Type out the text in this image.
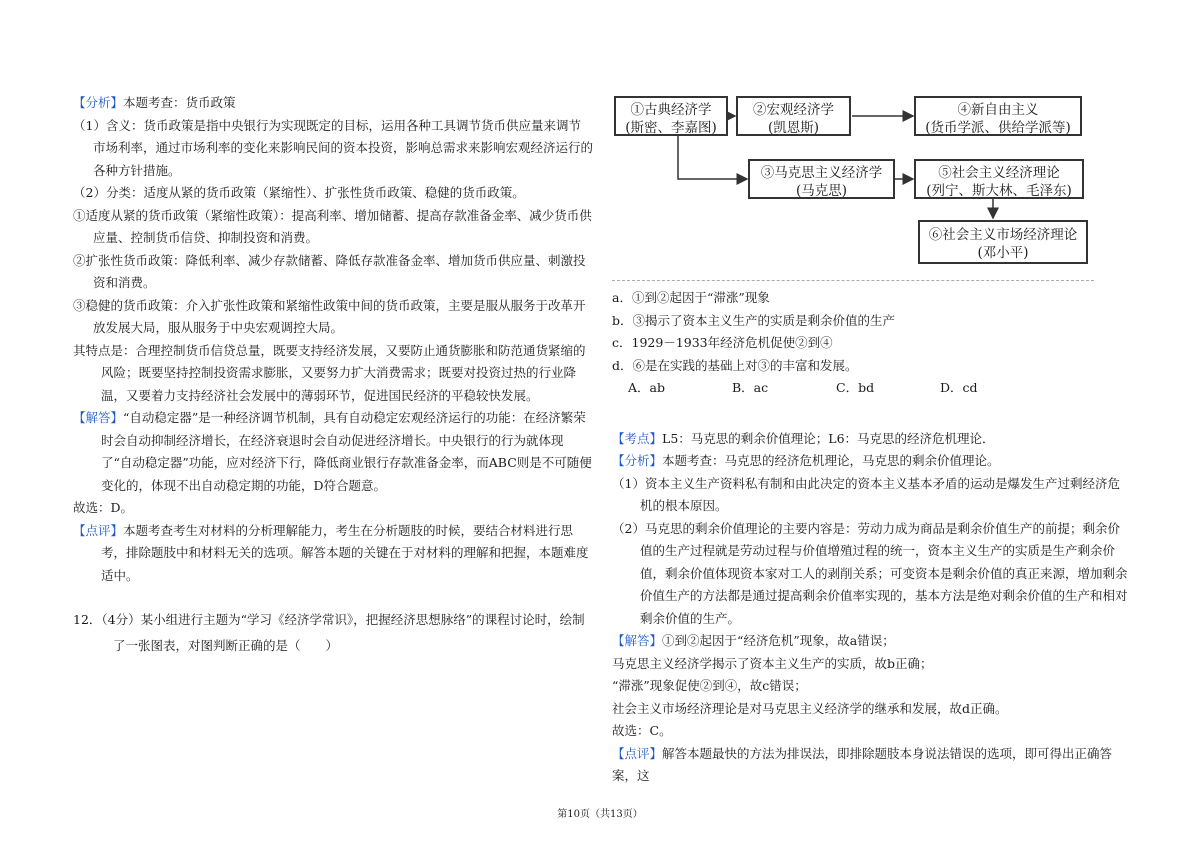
【分析】本题考查：货币政策

（1）含义：货币政策是指中央银行为实现既定的目标，运用各种工具调节货币供应量来调节市场利率，通过市场利率的变化来影响民间的资本投资，影响总需求来影响宏观经济运行的各种方针措施。

（2）分类：适度从紧的货币政策（紧缩性）、扩张性货币政策、稳健的货币政策。

①适度从紧的货币政策（紧缩性政策）：提高利率、增加储蓄、提高存款准备金率、减少货币供应量、控制货币信贷、抑制投资和消费。

②扩张性货币政策：降低利率、减少存款储蓄、降低存款准备金率、增加货币供应量、刺激投资和消费。

③稳健的货币政策：介入扩张性政策和紧缩性政策中间的货币政策，主要是服从服务于改革开放发展大局，服从服务于中央宏观调控大局。

其特点是：合理控制货币信贷总量，既要支持经济发展，又要防止通货膨胀和防范通货紧缩的风险；既要坚持控制投资需求膨胀，又要努力扩大消费需求；既要对投资过热的行业降温，又要着力支持经济社会发展中的薄弱环节，促进国民经济的平稳较快发展。

【解答】“自动稳定器”是一种经济调节机制，具有自动稳定宏观经济运行的功能：在经济繁荣时会自动抑制经济增长，在经济衰退时会自动促进经济增长。中央银行的行为就体现了“自动稳定器”功能，应对经济下行，降低商业银行存款准备金率，而ABC则是不可随便变化的，体现不出自动稳定期的功能，D符合题意。

故选：D。

【点评】本题考查考生对材料的分析理解能力，考生在分析题肢的时候，要结合材料进行思考，排除题肢中和材料无关的选项。解答本题的关键在于对材料的理解和把握，本题难度适中。

12．（4分）某小组进行主题为“学习《经济学常识》，把握经济思想脉络”的课程讨论时，绘制了一张图表，对图判断正确的是（　　）

①古典经济学
(斯密、李嘉图)
②宏观经济学
(凯恩斯)
③马克思主义经济学
(马克思)
④新自由主义
(货币学派、供给学派等)
⑤社会主义经济理论
(列宁、斯大林、毛泽东)
⑥社会主义市场经济理论
(邓小平)

a．①到②起因于“滞涨”现象

b．③揭示了资本主义生产的实质是剩余价值的生产

c．1929－1933年经济危机促使②到④

d．⑥是在实践的基础上对③的丰富和发展。

A．ab	B．ac	C．bd	D．cd

【考点】L5：马克思的剩余价值理论；L6：马克思的经济危机理论．

【分析】本题考查：马克思的经济危机理论，马克思的剩余价值理论。

（1）资本主义生产资料私有制和由此决定的资本主义基本矛盾的运动是爆发生产过剩经济危机的根本原因。

（2）马克思的剩余价值理论的主要内容是：劳动力成为商品是剩余价值生产的前提；剩余价值的生产过程就是劳动过程与价值增殖过程的统一，资本主义生产的实质是生产剩余价值，剩余价值体现资本家对工人的剥削关系；可变资本是剩余价值的真正来源，增加剩余价值生产的方法都是通过提高剩余价值率实现的，基本方法是绝对剩余价值的生产和相对剩余价值的生产。

【解答】①到②起因于“经济危机”现象，故a错误；

马克思主义经济学揭示了资本主义生产的实质，故b正确；

“滞涨”现象促使②到④，故c错误；

社会主义市场经济理论是对马克思主义经济学的继承和发展，故d正确。

故选：C。

【点评】解答本题最快的方法为排误法，即排除题肢本身说法错误的选项，即可得出正确答案，这

第10页（共13页）
